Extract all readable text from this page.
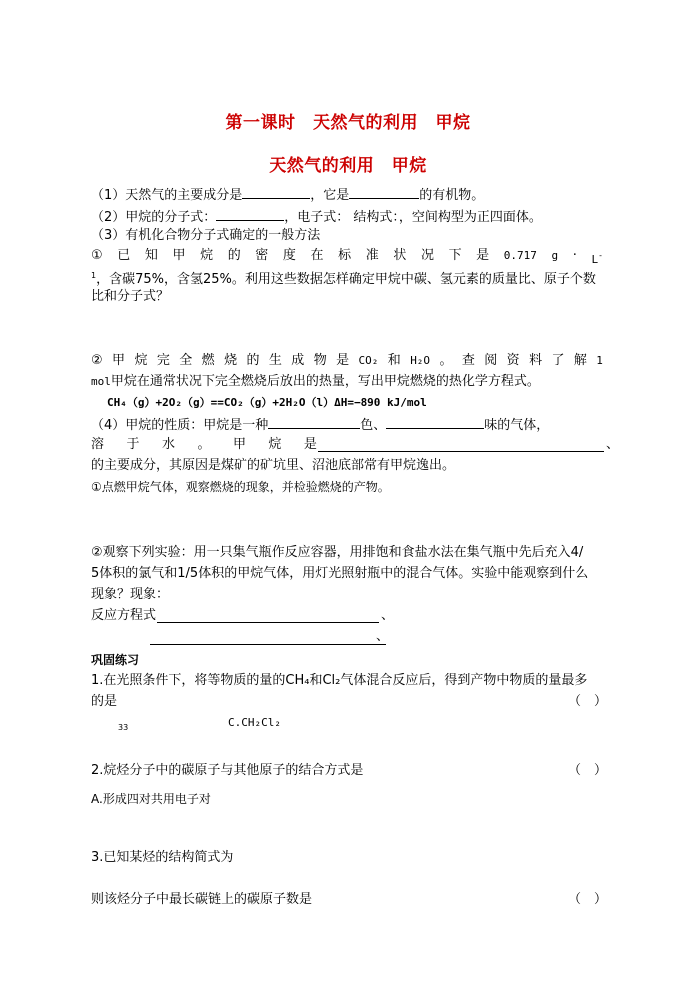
第一课时　天然气的利用　甲烷
天然气的利用　甲烷
（1）天然气的主要成分是	，它是	的有机物。
（2）甲烷的分子式：	，电子式： 结构式：，空间构型为正四面体。
（3）有机化合物分子式确定的一般方法
① 已 知 甲 烷 的 密 度 在 标 准 状 况 下 是 0.717 g · L-
$^1$，含碳75%，含氢25%。利用这些数据怎样确定甲烷中碳、氢元素的质量比、原子个数
比和分子式？
② 甲 烷 完 全 燃 烧 的 生 成 物 是 CO₂ 和 H₂O 。 查 阅 资 料 了 解 1
mol甲烷在通常状况下完全燃烧后放出的热量，写出甲烷燃烧的热化学方程式。
CH₄（g）+2O₂（g）==CO₂（g）+2H₂O（l）ΔH=−890 kJ/mol
（4）甲烷的性质：甲烷是一种	色、	味的气体，
溶 于 水 。 甲 烷 是	、
的主要成分，其原因是煤矿的矿坑里、沼池底部常有甲烷逸出。
①点燃甲烷气体，观察燃烧的现象，并检验燃烧的产物。
②观察下列实验：用一只集气瓶作反应容器，用排饱和食盐水法在集气瓶中先后充入4/
5体积的氯气和1/5体积的甲烷气体，用灯光照射瓶中的混合气体。实验中能观察到什么
现象？现象：
反应方程式	、
、
巩固练习
1.在光照条件下，将等物质的量的CH₄和Cl₂气体混合反应后，得到产物中物质的量最多
的是	（　）
33	C.CH₂Cl₂
2.烷烃分子中的碳原子与其他原子的结合方式是	（　）
A.形成四对共用电子对
3.已知某烃的结构简式为
则该烃分子中最长碳链上的碳原子数是	（　）
